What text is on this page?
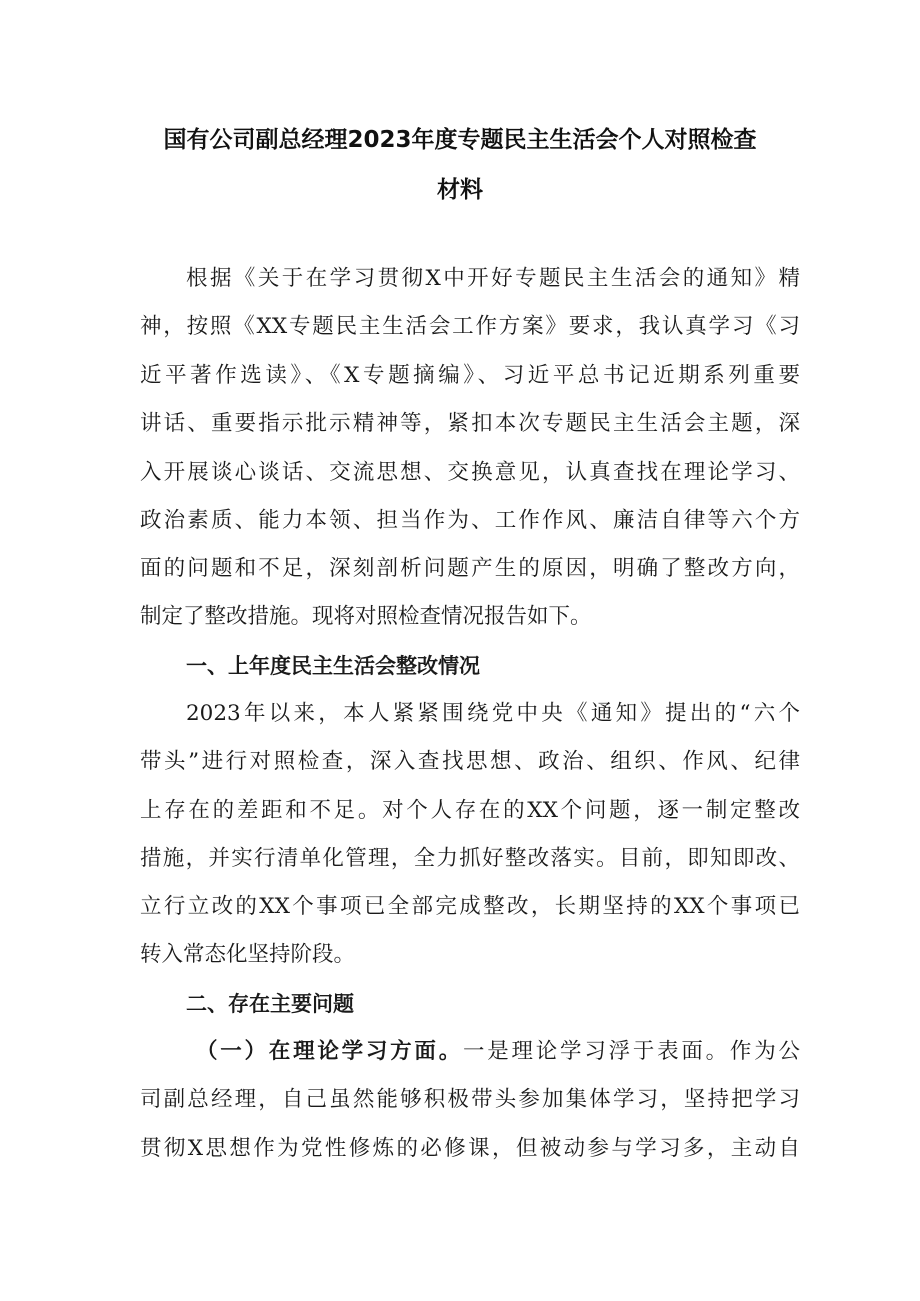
国有公司副总经理2023年度专题民主生活会个人对照检查
材料
根据《关于在学习贯彻X中开好专题民主生活会的通知》精
神，按照《XX专题民主生活会工作方案》要求，我认真学习《习
近平著作选读》、《X专题摘编》、习近平总书记近期系列重要
讲话、重要指示批示精神等，紧扣本次专题民主生活会主题，深
入开展谈心谈话、交流思想、交换意见，认真查找在理论学习、
政治素质、能力本领、担当作为、工作作风、廉洁自律等六个方
面的问题和不足，深刻剖析问题产生的原因，明确了整改方向，
制定了整改措施。现将对照检查情况报告如下。
一、上年度民主生活会整改情况
2023年以来，本人紧紧围绕党中央《通知》提出的“六个
带头”进行对照检查，深入查找思想、政治、组织、作风、纪律
上存在的差距和不足。对个人存在的XX个问题，逐一制定整改
措施，并实行清单化管理，全力抓好整改落实。目前，即知即改、
立行立改的XX个事项已全部完成整改，长期坚持的XX个事项已
转入常态化坚持阶段。
二、存在主要问题
（一）在理论学习方面。一是理论学习浮于表面。作为公
司副总经理，自己虽然能够积极带头参加集体学习，坚持把学习
贯彻X思想作为党性修炼的必修课，但被动参与学习多，主动自
